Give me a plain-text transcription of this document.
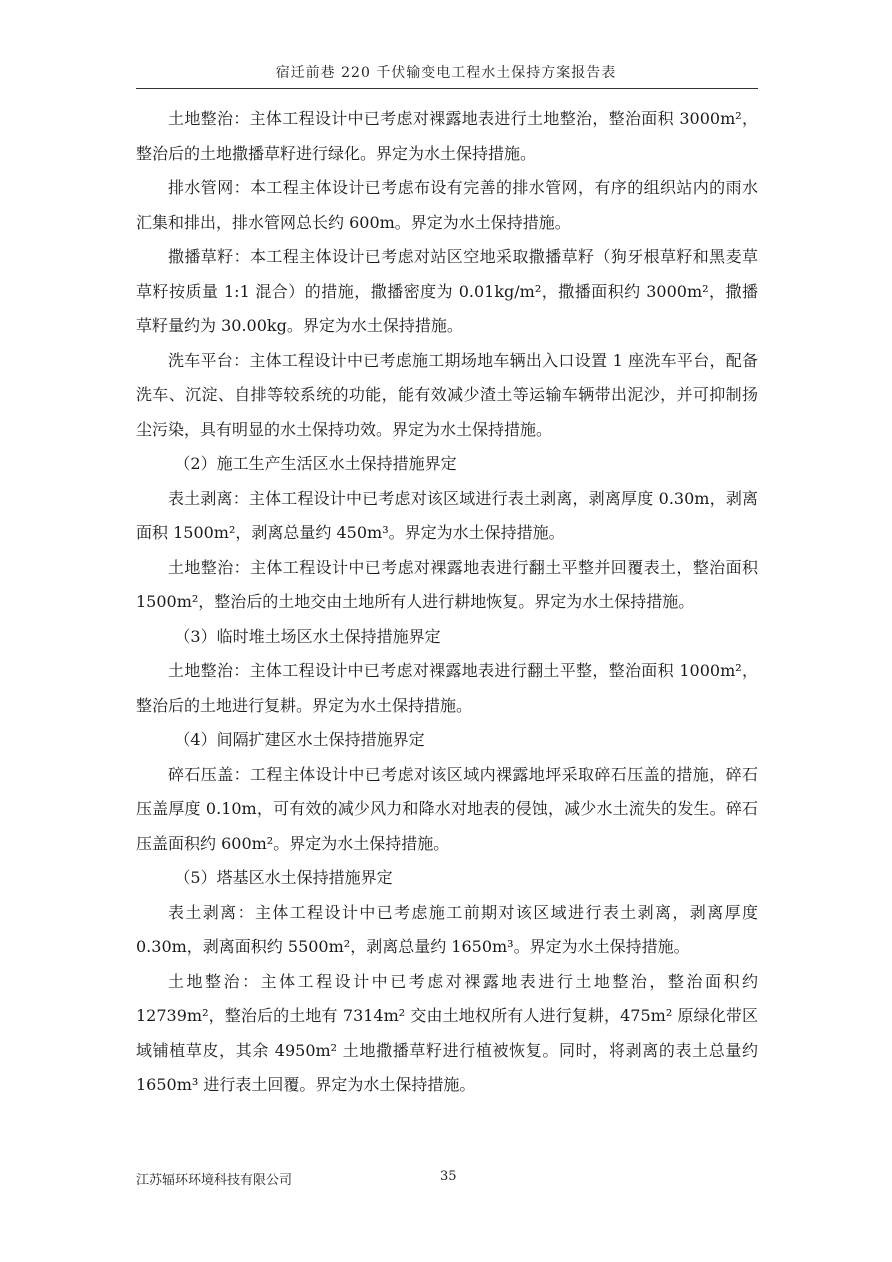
宿迁前巷 220 千伏输变电工程水土保持方案报告表

土地整治：主体工程设计中已考虑对裸露地表进行土地整治，整治面积 3000m²，整治后的土地撒播草籽进行绿化。界定为水土保持措施。

排水管网：本工程主体设计已考虑布设有完善的排水管网，有序的组织站内的雨水汇集和排出，排水管网总长约 600m。界定为水土保持措施。

撒播草籽：本工程主体设计已考虑对站区空地采取撒播草籽（狗牙根草籽和黑麦草草籽按质量 1:1 混合）的措施，撒播密度为 0.01kg/m²，撒播面积约 3000m²，撒播草籽量约为 30.00kg。界定为水土保持措施。

洗车平台：主体工程设计中已考虑施工期场地车辆出入口设置 1 座洗车平台，配备洗车、沉淀、自排等较系统的功能，能有效减少渣土等运输车辆带出泥沙，并可抑制扬尘污染，具有明显的水土保持功效。界定为水土保持措施。

（2）施工生产生活区水土保持措施界定

表土剥离：主体工程设计中已考虑对该区域进行表土剥离，剥离厚度 0.30m，剥离面积 1500m²，剥离总量约 450m³。界定为水土保持措施。

土地整治：主体工程设计中已考虑对裸露地表进行翻土平整并回覆表土，整治面积 1500m²，整治后的土地交由土地所有人进行耕地恢复。界定为水土保持措施。

（3）临时堆土场区水土保持措施界定

土地整治：主体工程设计中已考虑对裸露地表进行翻土平整，整治面积 1000m²，整治后的土地进行复耕。界定为水土保持措施。

（4）间隔扩建区水土保持措施界定

碎石压盖：工程主体设计中已考虑对该区域内裸露地坪采取碎石压盖的措施，碎石压盖厚度 0.10m，可有效的减少风力和降水对地表的侵蚀，减少水土流失的发生。碎石压盖面积约 600m²。界定为水土保持措施。

（5）塔基区水土保持措施界定

表土剥离：主体工程设计中已考虑施工前期对该区域进行表土剥离，剥离厚度 0.30m，剥离面积约 5500m²，剥离总量约 1650m³。界定为水土保持措施。

土地整治：主体工程设计中已考虑对裸露地表进行土地整治，整治面积约 12739m²，整治后的土地有 7314m² 交由土地权所有人进行复耕，475m² 原绿化带区域铺植草皮，其余 4950m² 土地撒播草籽进行植被恢复。同时，将剥离的表土总量约 1650m³ 进行表土回覆。界定为水土保持措施。

江苏辐环环境科技有限公司	35
